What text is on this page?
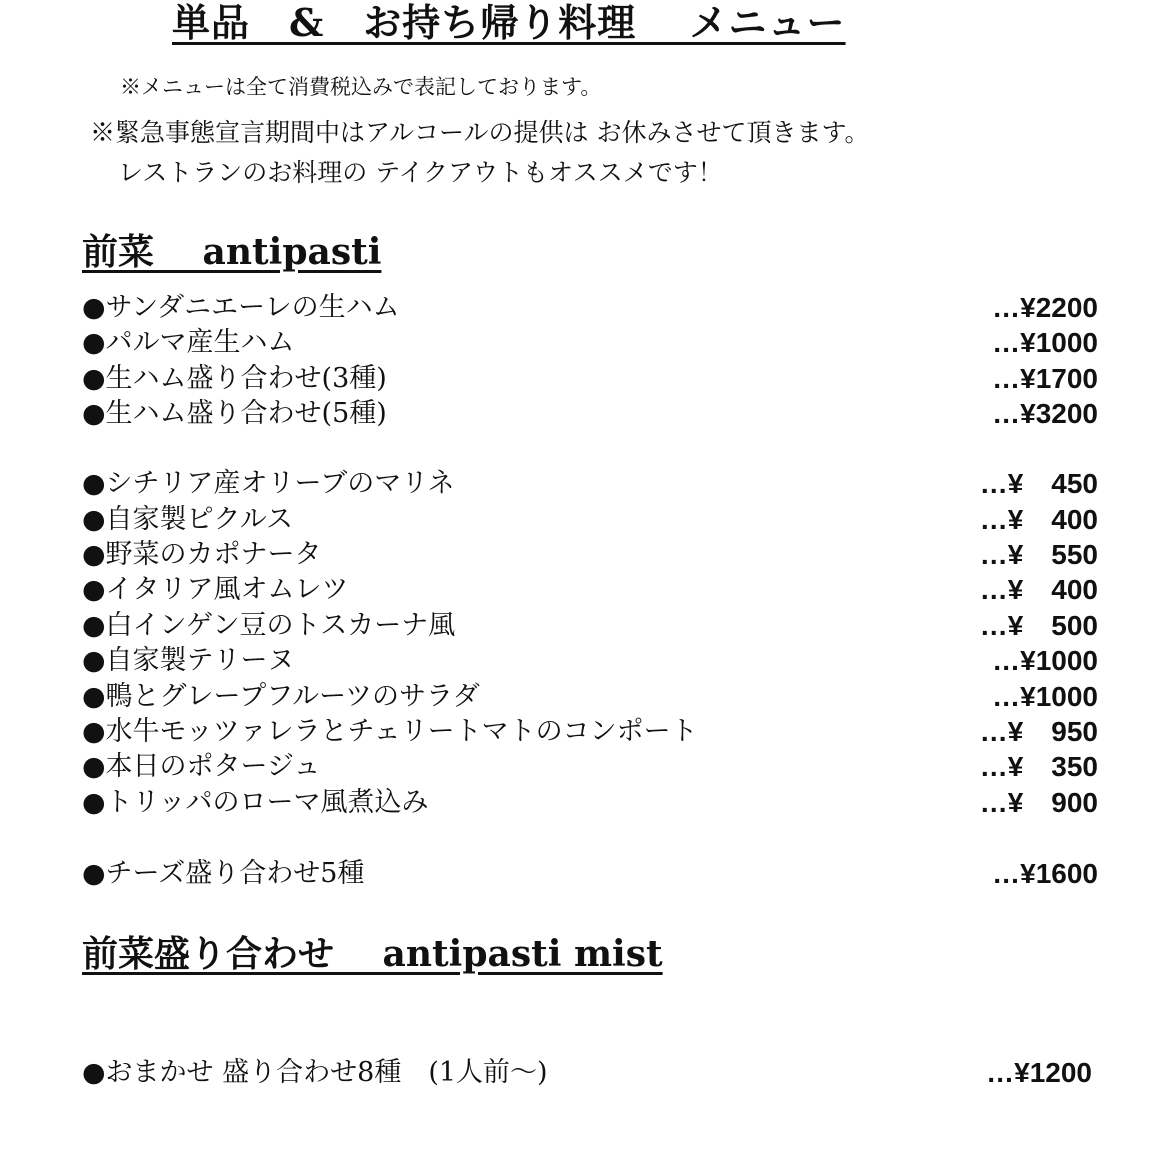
単品　&　お持ち帰り料理　 メニュー
※メニューは全て消費税込みで表記しております。
※緊急事態宣言期間中はアルコールの提供は お休みさせて頂きます。
レストランのお料理の テイクアウトもオススメです！
前菜　 antipasti
●サンダニエーレの生ハム	…¥2200
●パルマ産生ハム	…¥1000
●生ハム盛り合わせ(3種)	…¥1700
●生ハム盛り合わせ(5種)	…¥3200
●シチリア産オリーブのマリネ	…¥　450
●自家製ピクルス	…¥　400
●野菜のカポナータ	…¥　550
●イタリア風オムレツ	…¥　400
●白インゲン豆のトスカーナ風	…¥　500
●自家製テリーヌ	…¥1000
●鴨とグレープフルーツのサラダ	…¥1000
●水牛モッツァレラとチェリートマトのコンポート	…¥　950
●本日のポタージュ	…¥　350
●トリッパのローマ風煮込み	…¥　900
●チーズ盛り合わせ5種	…¥1600
前菜盛り合わせ　 antipasti mist
●おまかせ 盛り合わせ8種　(1人前～)	…¥1200
